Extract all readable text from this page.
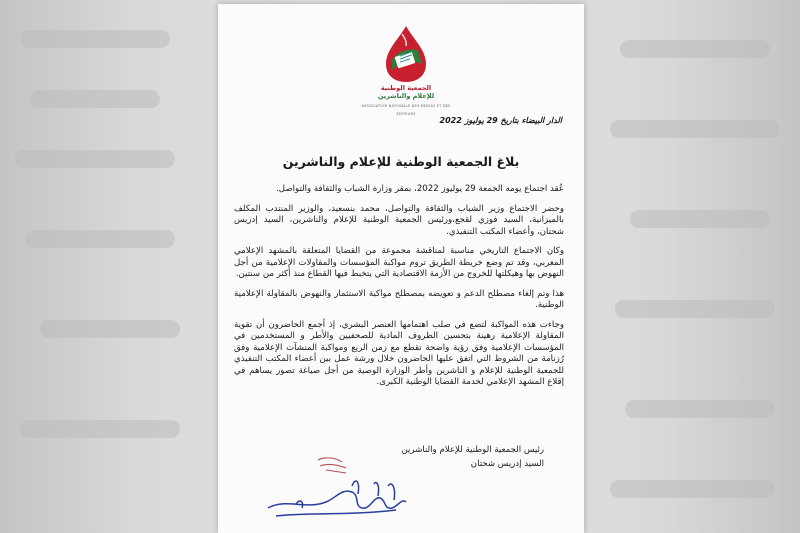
الجمعية الوطنية
للإعلام والناشرين
ASSOCIATION NATIONALE DES MEDIAS ET DES EDITEURS
الدار البيضاء بتاريخ 29 يوليوز 2022
بلاغ الجمعية الوطنية للإعلام والناشرين

عُقد اجتماع يومه الجمعة 29 يوليوز 2022، بمقر وزارة الشباب والثقافة والتواصل.

وحضر الاجتماع وزير الشباب والثقافة والتواصل، محمد بنسعيد، والوزير المنتدب المكلف بالميزانية، السيد فوزي لقجع،ورئيس الجمعية الوطنية للإعلام والناشرين، السيد إدريس شحتان، وأعضاء المكتب التنفيذي.

وكان الاجتماع التاريخي مناسبة لمناقشة مجموعة من القضايا المتعلقة بالمشهد الإعلامي المغربي، وقد تم وضع خريطة الطريق تروم مواكبة المؤسسات والمقاولات الإعلامية من أجل النهوض بها وهيكلتها للخروج من الأزمة الاقتصادية التي يتخبط فيها القطاع منذ أكثر من سنتين.

هذا وتم إلغاء مصطلح الدعم و تعويضه بمصطلح مواكبة الاستثمار والنهوض بالمقاولة الإعلامية الوطنية.

وجاءت هذه المواكبة لتضع في صلب اهتمامها العنصر البشري، إذ أجمع الحاضرون أن تقوية المقاولة الإعلامية رهينة بتحسين الظروف المادية للصحفيين والأطر و المستخدمين في المؤسسات الإعلامية وفق رؤية واضحة تقطع مع زمن الريع ومواكبة المنشآت الإعلامية وفق رُزنامة من الشروط التي اتفق عليها الحاضرون خلال ورشة عمل بين أعضاء المكتب التنفيذي للجمعية الوطنية للإعلام و الناشرين وأطر الوزارة الوصية من أجل صياغة تصور يساهم في إقلاع المشهد الإعلامي لخدمة القضايا الوطنية الكبرى.

رئيس الجمعية الوطنية للإعلام والناشرين
السيد إدريس شحتان
